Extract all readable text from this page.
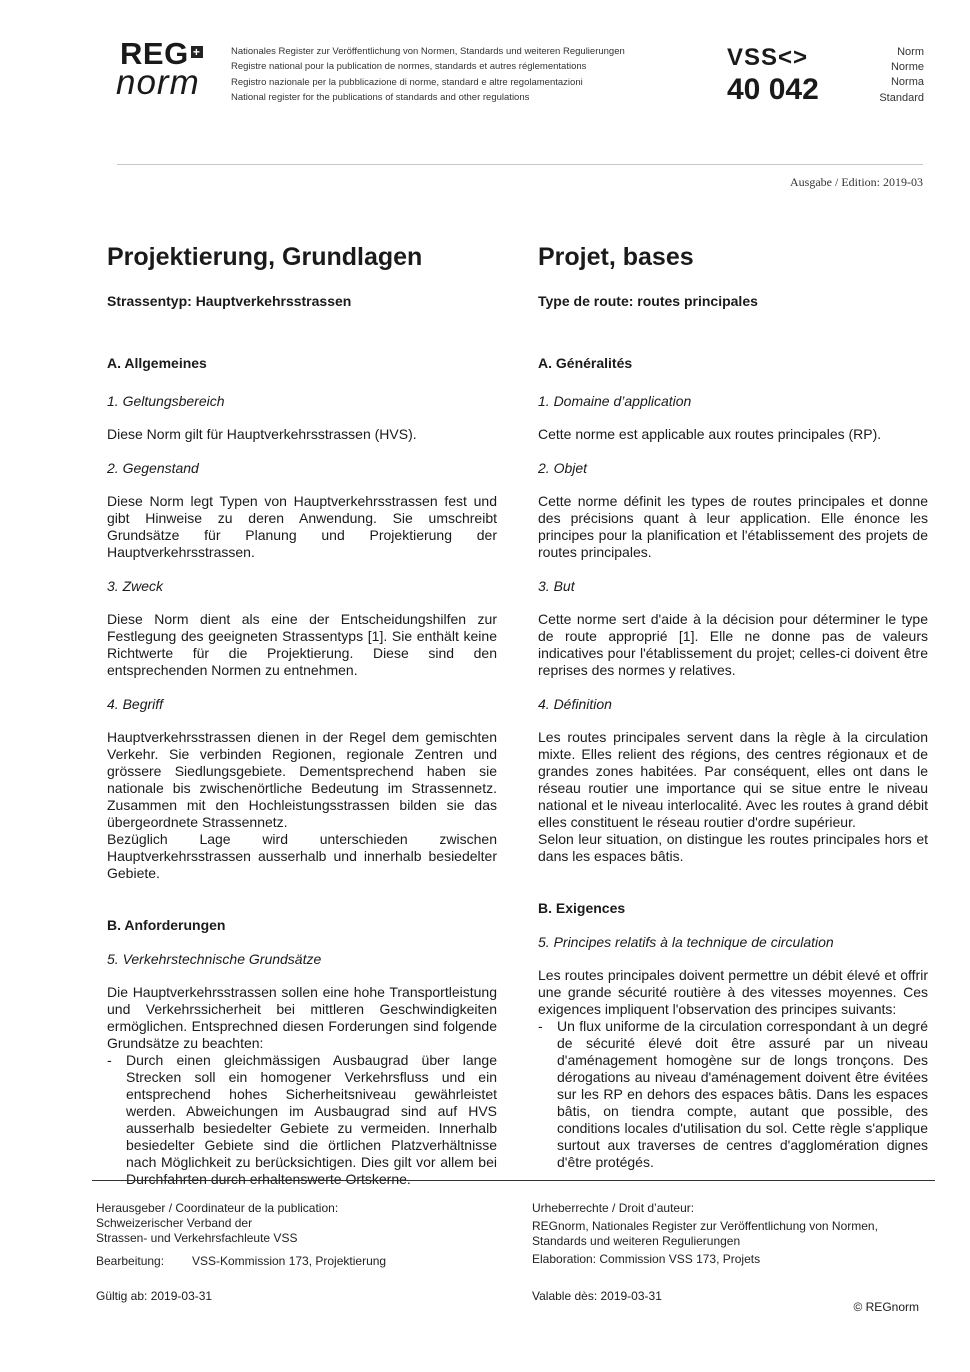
REG +
norm
Nationales Register zur Veröffentlichung von Normen, Standards und weiteren Regulierungen
Registre national pour la publication de normes, standards et autres réglementations
Registro nazionale per la pubblicazione di norme, standard e altre regolamentazioni
National register for the publications of standards and other regulations
VSS<>
40 042
Norm
Norme
Norma
Standard
Ausgabe / Edition: 2019-03
Projektierung, Grundlagen
Strassentyp: Hauptverkehrsstrassen
A. Allgemeines
1. Geltungsbereich
Diese Norm gilt für Hauptverkehrsstrassen (HVS).
2. Gegenstand
Diese Norm legt Typen von Hauptverkehrsstrassen fest und gibt Hinweise zu deren Anwendung. Sie umschreibt Grundsätze für Planung und Projektierung der Hauptverkehrsstrassen.
3. Zweck
Diese Norm dient als eine der Entscheidungshilfen zur Festlegung des geeigneten Strassentyps [1]. Sie enthält keine Richtwerte für die Projektierung. Diese sind den entsprechenden Normen zu entnehmen.
4. Begriff
Hauptverkehrsstrassen dienen in der Regel dem gemischten Verkehr. Sie verbinden Regionen, regionale Zentren und grössere Siedlungsgebiete. Dementsprechend haben sie nationale bis zwischenörtliche Bedeutung im Strassennetz. Zusammen mit den Hochleistungsstrassen bilden sie das übergeordnete Strassennetz.
Bezüglich Lage wird unterschieden zwischen Hauptverkehrsstrassen ausserhalb und innerhalb besiedelter Gebiete.
B. Anforderungen
5. Verkehrstechnische Grundsätze
Die Hauptverkehrsstrassen sollen eine hohe Transportleistung und Verkehrssicherheit bei mittleren Geschwindigkeiten ermöglichen. Entsprechned diesen Forderungen sind folgende Grundsätze zu beachten:
- Durch einen gleichmässigen Ausbaugrad über lange Strecken soll ein homogener Verkehrsfluss und ein entsprechend hohes Sicherheitsniveau gewährleistet werden. Abweichungen im Ausbaugrad sind auf HVS ausserhalb besiedelter Gebiete zu vermeiden. Innerhalb besiedelter Gebiete sind die örtlichen Platzverhältnisse nach Möglichkeit zu berücksichtigen. Dies gilt vor allem bei Durchfahrten durch erhaltenswerte Ortskerne.
Projet, bases
Type de route: routes principales
A. Généralités
1. Domaine d’application
Cette norme est applicable aux routes principales (RP).
2. Objet
Cette norme définit les types de routes principales et donne des précisions quant à leur application. Elle énonce les principes pour la planification et l'établissement des projets de routes principales.
3. But
Cette norme sert d'aide à la décision pour déterminer le type de route approprié [1]. Elle ne donne pas de valeurs indicatives pour l'établissement du projet; celles-ci doivent être reprises des normes y relatives.
4. Définition
Les routes principales servent dans la règle à la circulation mixte. Elles relient des régions, des centres régionaux et de grandes zones habitées. Par conséquent, elles ont dans le réseau routier une importance qui se situe entre le niveau national et le niveau interlocalité. Avec les routes à grand débit elles constituent le réseau routier d'ordre supérieur.
Selon leur situation, on distingue les routes principales hors et dans les espaces bâtis.
B. Exigences
5. Principes relatifs à la technique de circulation
Les routes principales doivent permettre un débit élevé et offrir une grande sécurité routière à des vitesses moyennes. Ces exigences impliquent l'observation des principes suivants:
- Un flux uniforme de la circulation correspondant à un degré de sécurité élevé doit être assuré par un niveau d'aménagement homogène sur de longs tronçons. Des dérogations au niveau d'aménagement doivent être évitées sur les RP en dehors des espaces bâtis. Dans les espaces bâtis, on tiendra compte, autant que possible, des conditions locales d'utilisation du sol. Cette règle s'applique surtout aux traverses de centres d'agglomération dignes d'être protégés.
Herausgeber / Coordinateur de la publication:
Schweizerischer Verband der
Strassen- und Verkehrsfachleute VSS
Bearbeitung:	VSS-Kommission 173, Projektierung
Urheberrechte / Droit d’auteur:
REGnorm, Nationales Register zur Veröffentlichung von Normen,
Standards und weiteren Regulierungen
Elaboration: Commission VSS 173, Projets
Gültig ab: 2019-03-31	Valable dès: 2019-03-31
© REGnorm
